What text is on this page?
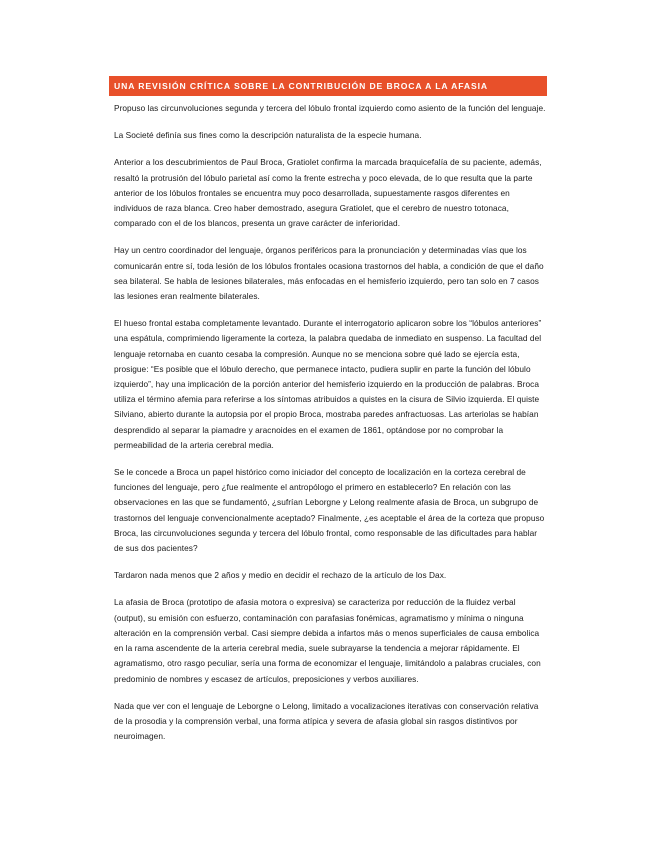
UNA REVISIÓN CRÍTICA SOBRE LA CONTRIBUCIÓN DE BROCA A LA AFASIA

Propuso las circunvoluciones segunda y tercera del lóbulo frontal izquierdo como asiento de la función del lenguaje.

La Societé definía sus fines como la descripción naturalista de la especie humana.

Anterior a los descubrimientos de Paul Broca, Gratiolet confirma la marcada braquicefalía de su paciente, además, resaltó la protrusión del lóbulo parietal así como la frente estrecha y poco elevada, de lo que resulta que la parte anterior de los lóbulos frontales se encuentra muy poco desarrollada, supuestamente rasgos diferentes en individuos de raza blanca. Creo haber demostrado, asegura Gratiolet, que el cerebro de nuestro totonaca, comparado con el de los blancos, presenta un grave carácter de inferioridad.

Hay un centro coordinador del lenguaje, órganos periféricos para la pronunciación y determinadas vías que los comunicarán entre sí, toda lesión de los lóbulos frontales ocasiona trastornos del habla, a condición de que el daño sea bilateral. Se habla de lesiones bilaterales, más enfocadas en el hemisferio izquierdo, pero tan solo en 7 casos las lesiones eran realmente bilaterales.

El hueso frontal estaba completamente levantado. Durante el interrogatorio aplicaron sobre los “lóbulos anteriores” una espátula, comprimiendo ligeramente la corteza, la palabra quedaba de inmediato en suspenso. La facultad del lenguaje retornaba en cuanto cesaba la compresión. Aunque no se menciona sobre qué lado se ejercía esta, prosigue: “Es posible que el lóbulo derecho, que permanece intacto, pudiera suplir en parte la función del lóbulo izquierdo”, hay una implicación de la porción anterior del hemisferio izquierdo en la producción de palabras. Broca utiliza el término afemia para referirse a los síntomas atribuidos a quistes en la cisura de Silvio izquierda. El quiste Silviano, abierto durante la autopsia por el propio Broca, mostraba paredes anfractuosas. Las arteriolas se habían desprendido al separar la piamadre y aracnoides en el examen de 1861, optándose por no comprobar la permeabilidad de la arteria cerebral media.

Se le concede a Broca un papel histórico como iniciador del concepto de localización en la corteza cerebral de funciones del lenguaje, pero ¿fue realmente el antropólogo el primero en establecerlo? En relación con las observaciones en las que se fundamentó, ¿sufrían Leborgne y Lelong realmente afasia de Broca, un subgrupo de trastornos del lenguaje convencionalmente aceptado? Finalmente, ¿es aceptable el área de la corteza que propuso Broca, las circunvoluciones segunda y tercera del lóbulo frontal, como responsable de las dificultades para hablar de sus dos pacientes?

Tardaron nada menos que 2 años y medio en decidir el rechazo de la artículo de los Dax.

La afasia de Broca (prototipo de afasia motora o expresiva) se caracteriza por reducción de la fluidez verbal (output), su emisión con esfuerzo, contaminación con parafasias fonémicas, agramatismo y mínima o ninguna alteración en la comprensión verbal. Casi siempre debida a infartos más o menos superficiales de causa embolica en la rama ascendente de la arteria cerebral media, suele subrayarse la tendencia a mejorar rápidamente. El agramatismo, otro rasgo peculiar, sería una forma de economizar el lenguaje, limitándolo a palabras cruciales, con predominio de nombres y escasez de artículos, preposiciones y verbos auxiliares.

Nada que ver con el lenguaje de Leborgne o Lelong, limitado a vocalizaciones iterativas con conservación relativa de la prosodia y la comprensión verbal, una forma atípica y severa de afasia global sin rasgos distintivos por neuroimagen.
